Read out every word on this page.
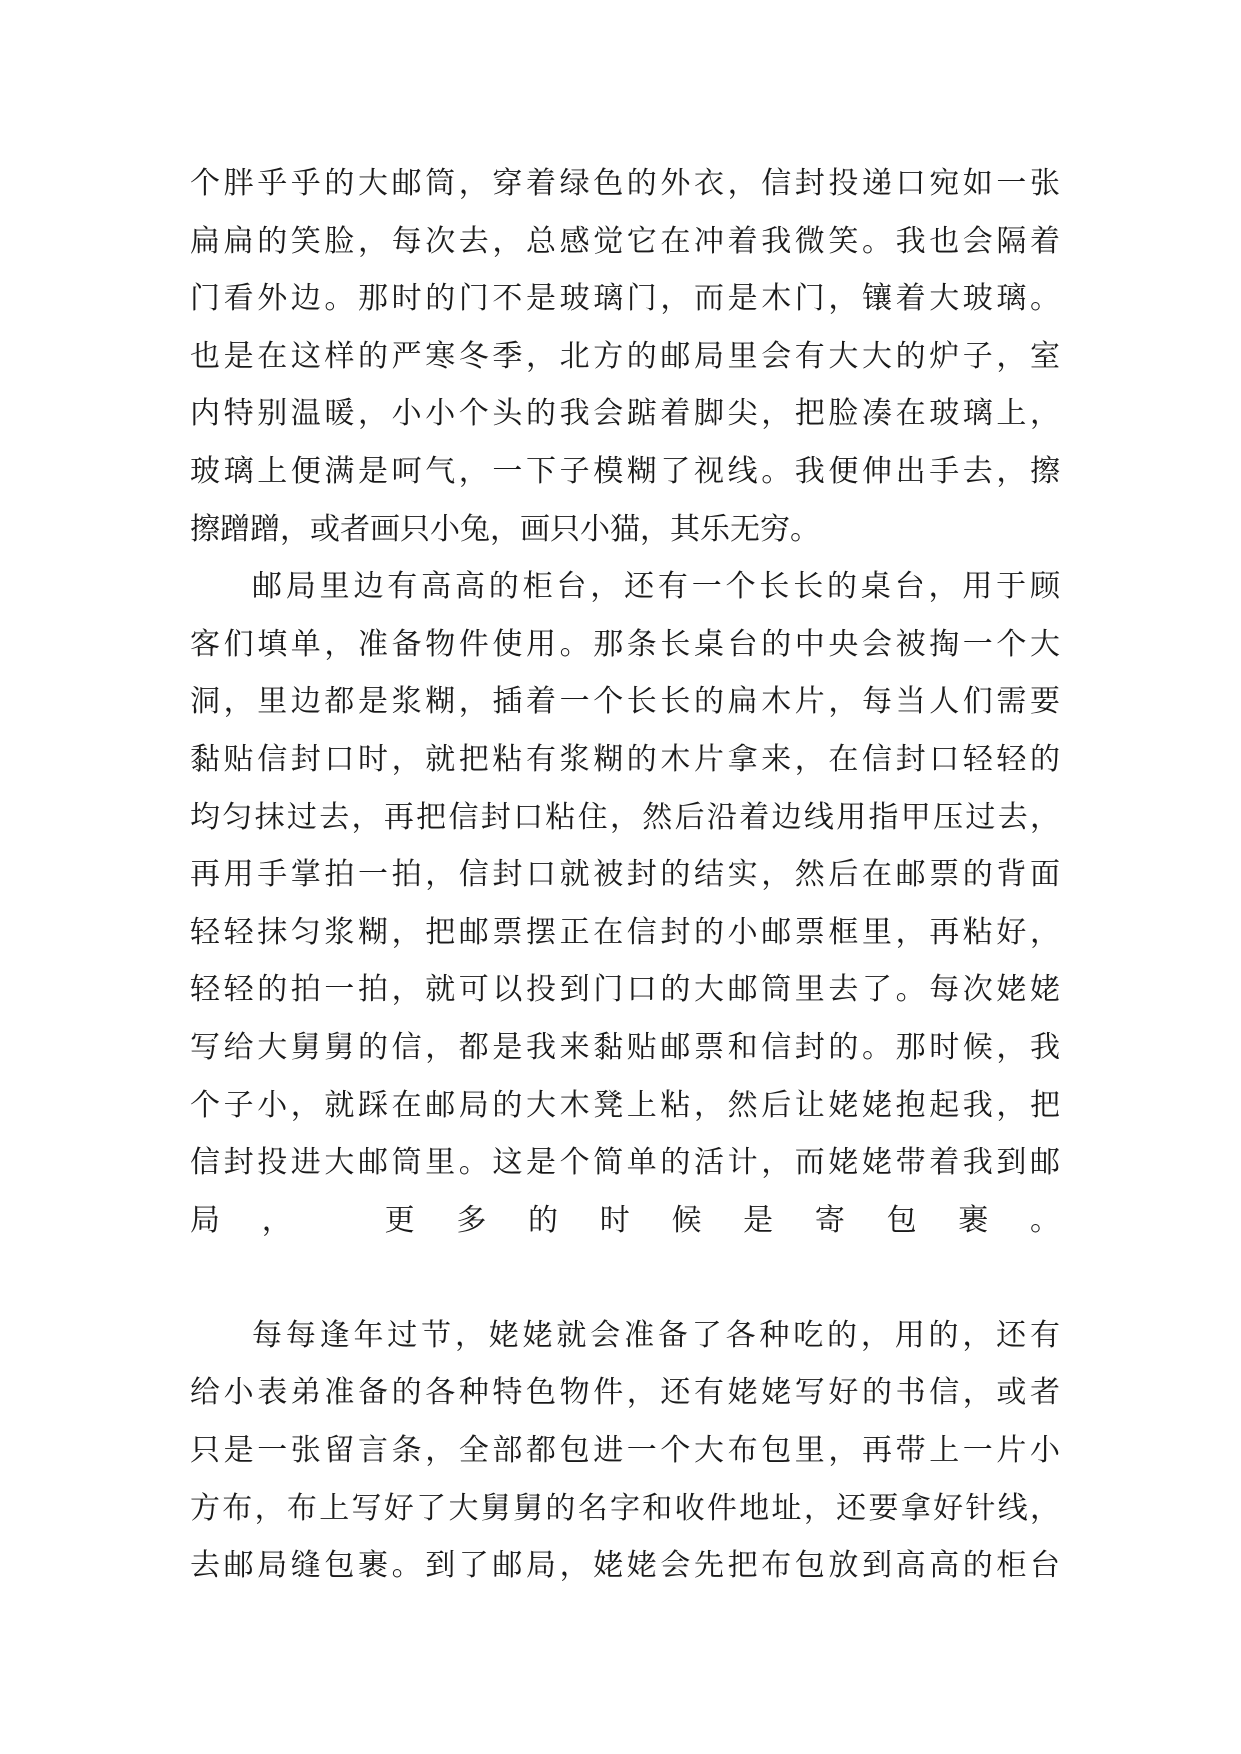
个胖乎乎的大邮筒，穿着绿色的外衣，信封投递口宛如一张
扁扁的笑脸，每次去，总感觉它在冲着我微笑。我也会隔着
门看外边。那时的门不是玻璃门，而是木门，镶着大玻璃。
也是在这样的严寒冬季，北方的邮局里会有大大的炉子，室
内特别温暖，小小个头的我会踮着脚尖，把脸凑在玻璃上，
玻璃上便满是呵气，一下子模糊了视线。我便伸出手去，擦
擦蹭蹭，或者画只小兔，画只小猫，其乐无穷。
邮局里边有高高的柜台，还有一个长长的桌台，用于顾
客们填单，准备物件使用。那条长桌台的中央会被掏一个大
洞，里边都是浆糊，插着一个长长的扁木片，每当人们需要
黏贴信封口时，就把粘有浆糊的木片拿来，在信封口轻轻的
均匀抹过去，再把信封口粘住，然后沿着边线用指甲压过去，
再用手掌拍一拍，信封口就被封的结实，然后在邮票的背面
轻轻抹匀浆糊，把邮票摆正在信封的小邮票框里，再粘好，
轻轻的拍一拍，就可以投到门口的大邮筒里去了。每次姥姥
写给大舅舅的信，都是我来黏贴邮票和信封的。那时候，我
个子小，就踩在邮局的大木凳上粘，然后让姥姥抱起我，把
信封投进大邮筒里。这是个简单的活计，而姥姥带着我到邮
局， 更多的时候是寄包裹。
每每逢年过节，姥姥就会准备了各种吃的，用的，还有
给小表弟准备的各种特色物件，还有姥姥写好的书信，或者
只是一张留言条，全部都包进一个大布包里，再带上一片小
方布，布上写好了大舅舅的名字和收件地址，还要拿好针线，
去邮局缝包裹。到了邮局，姥姥会先把布包放到高高的柜台
